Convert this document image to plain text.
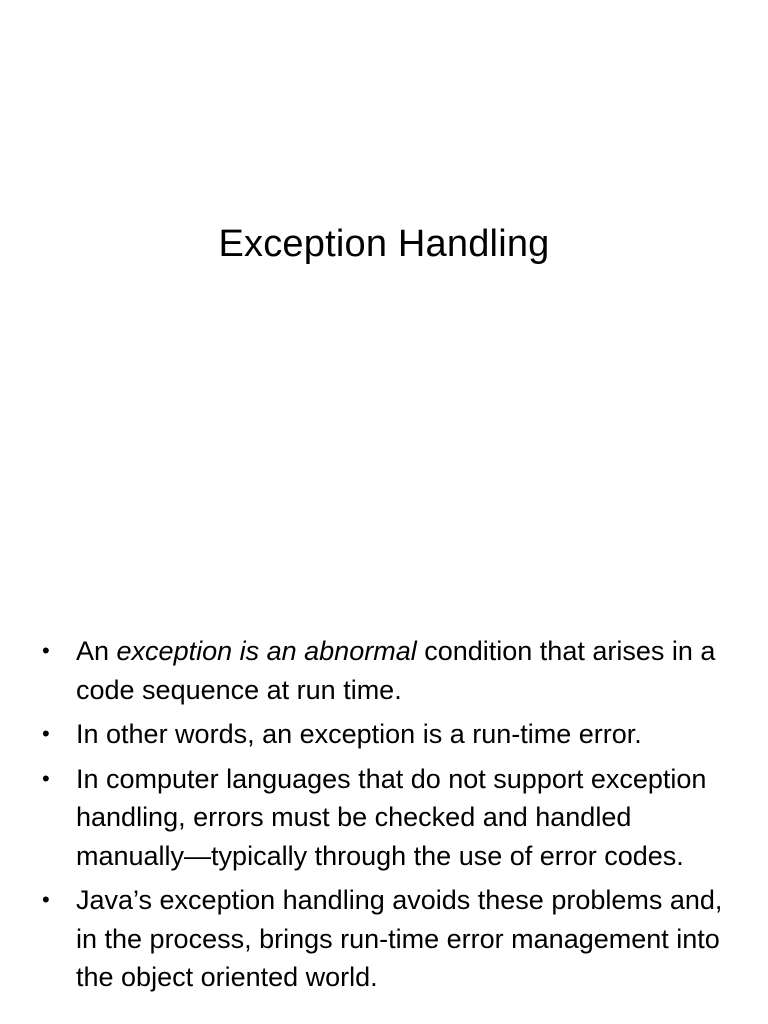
Exception Handling
• An exception is an abnormal condition that arises in a code sequence at run time.
• In other words, an exception is a run-time error.
• In computer languages that do not support exception handling, errors must be checked and handled manually—typically through the use of error codes.
• Java’s exception handling avoids these problems and, in the process, brings run-time error management into the object oriented world.
